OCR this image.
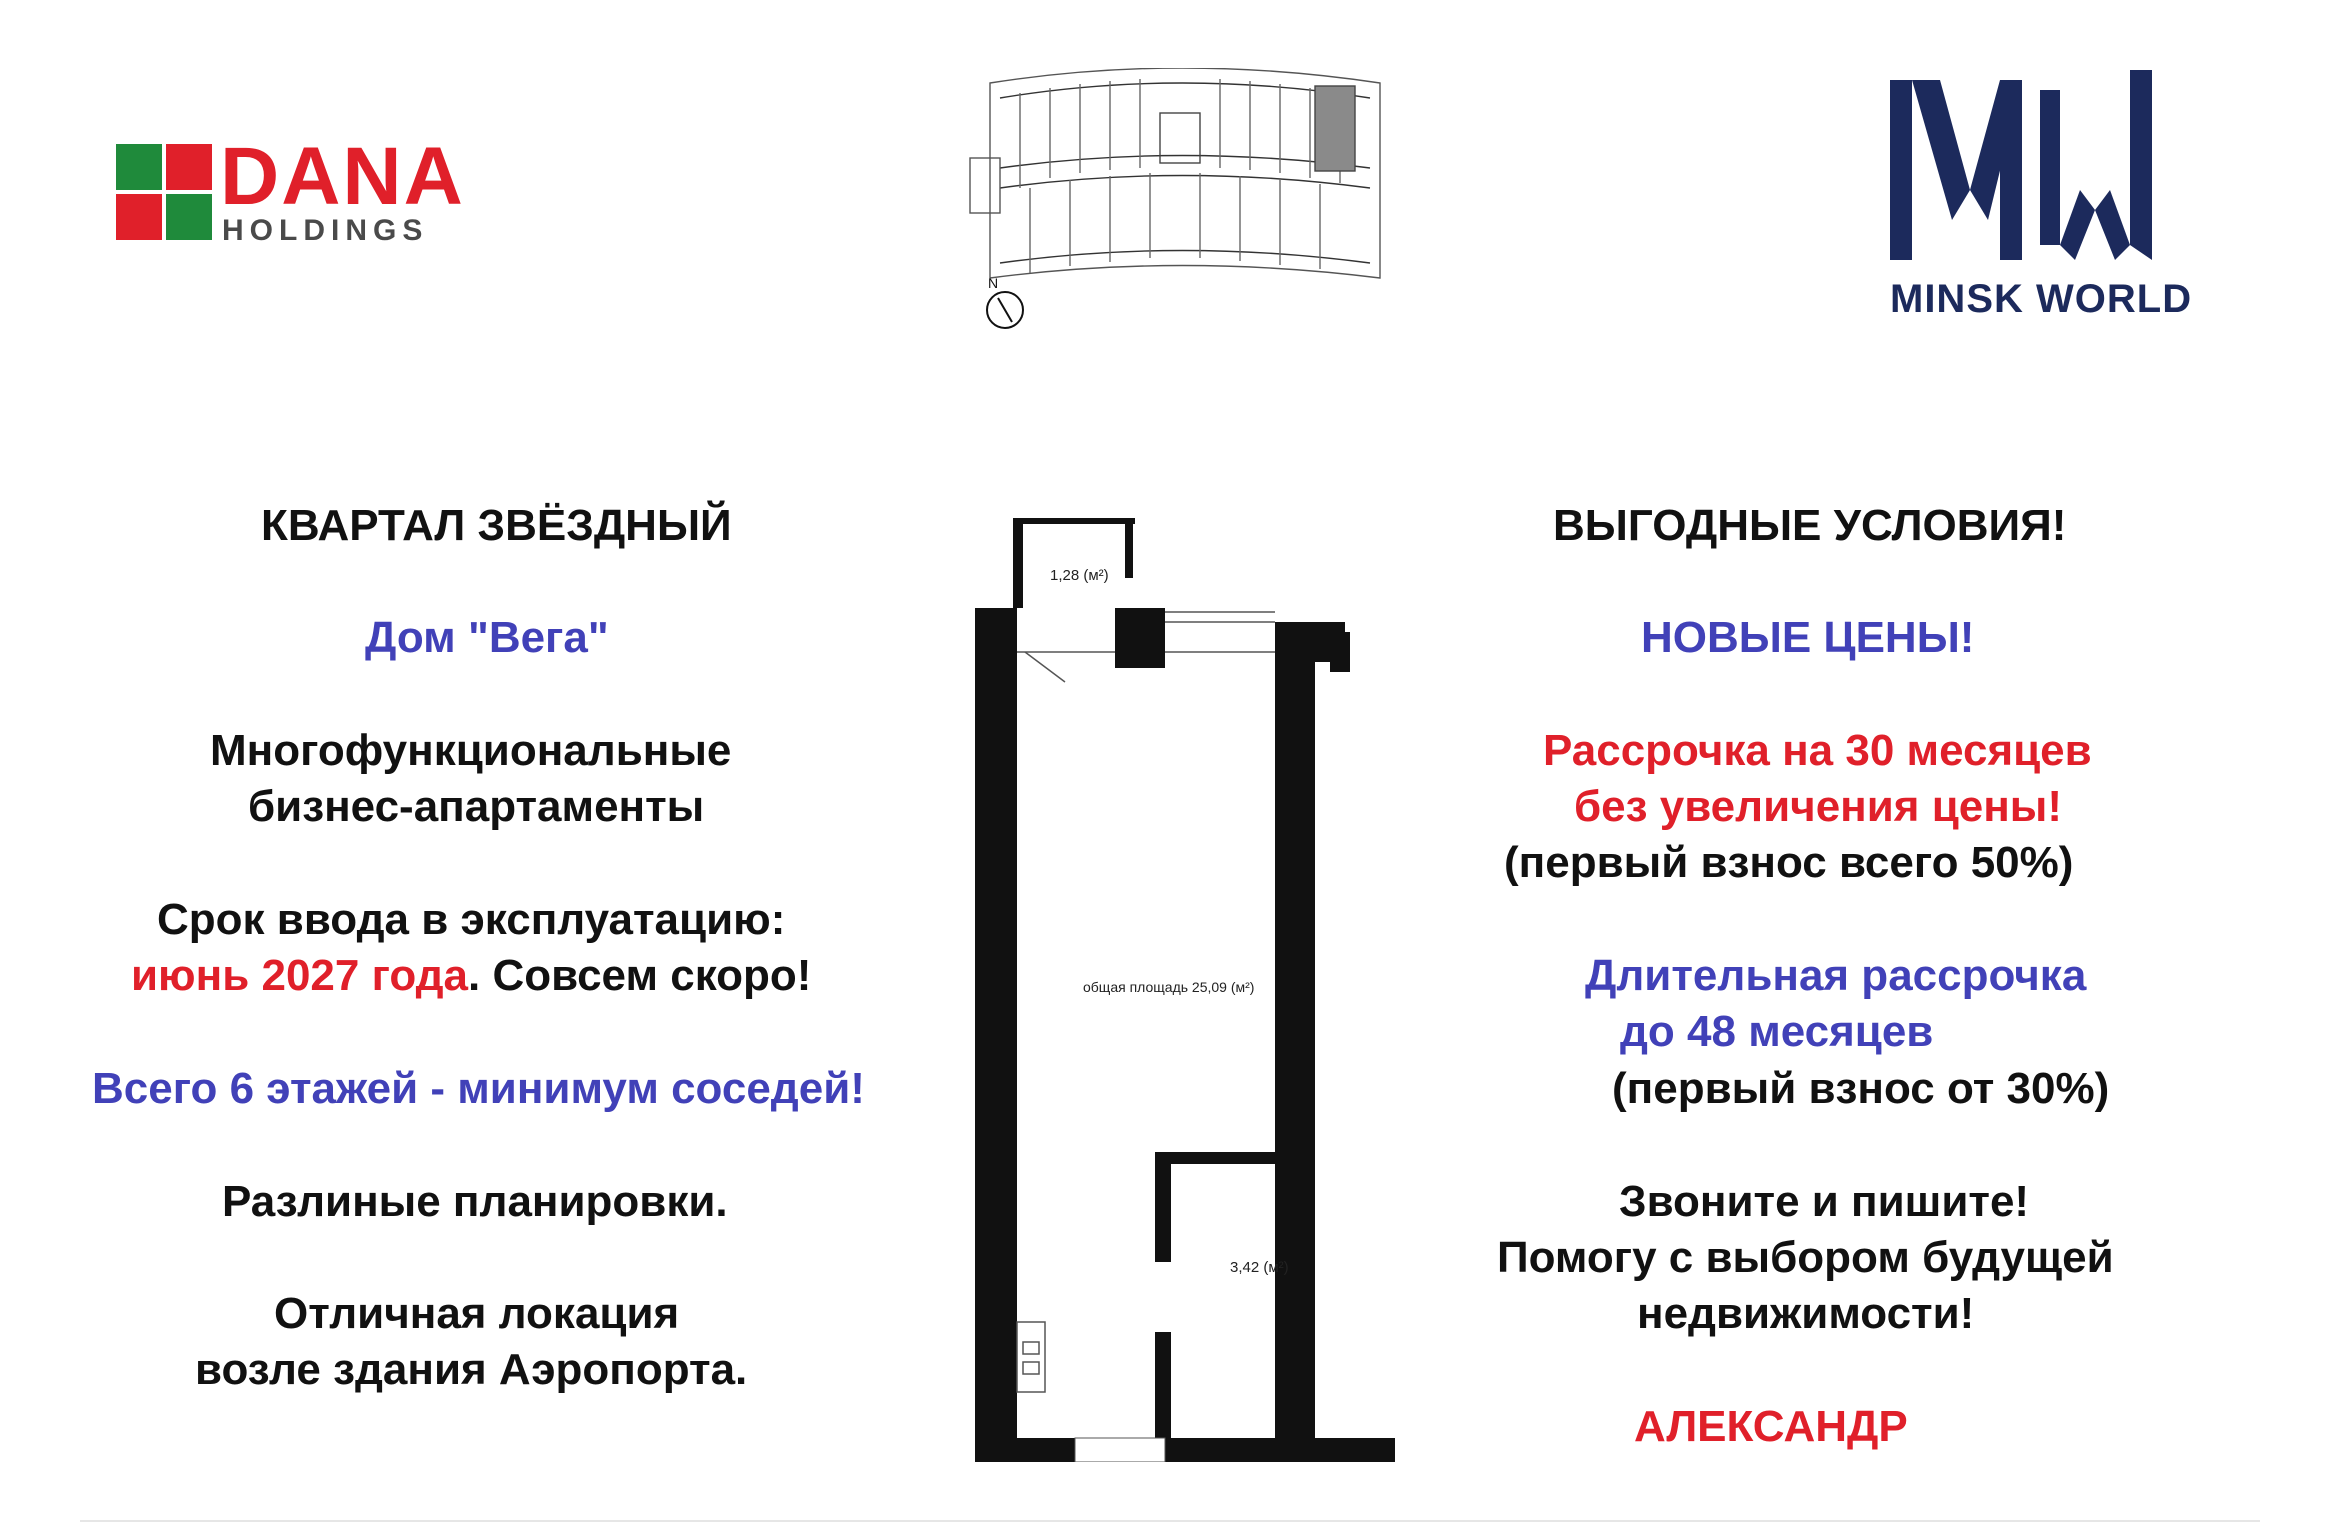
DANA
HOLDINGS
N	MINSK WORLD
1,28 (м²)
общая площадь 25,09 (м²)
3,42 (м²)
КВАРТАЛ ЗВЁЗДНЫЙ
Дом "Вега"
Многофункциональные
бизнес-апартаменты
Срок ввода в эксплуатацию:
июнь 2027 года. Совсем скоро!
Всего 6 этажей - минимум соседей!
Разлиные планировки.
Отличная локация
возле здания Аэропорта.
ВЫГОДНЫЕ УСЛОВИЯ!
НОВЫЕ ЦЕНЫ!
Рассрочка на 30 месяцев
без увеличения цены!
(первый взнос всего 50%)
Длительная рассрочка
до 48 месяцев
(первый взнос от 30%)
Звоните и пишите!
Помогу с выбором будущей
недвижимости!
АЛЕКСАНДР
